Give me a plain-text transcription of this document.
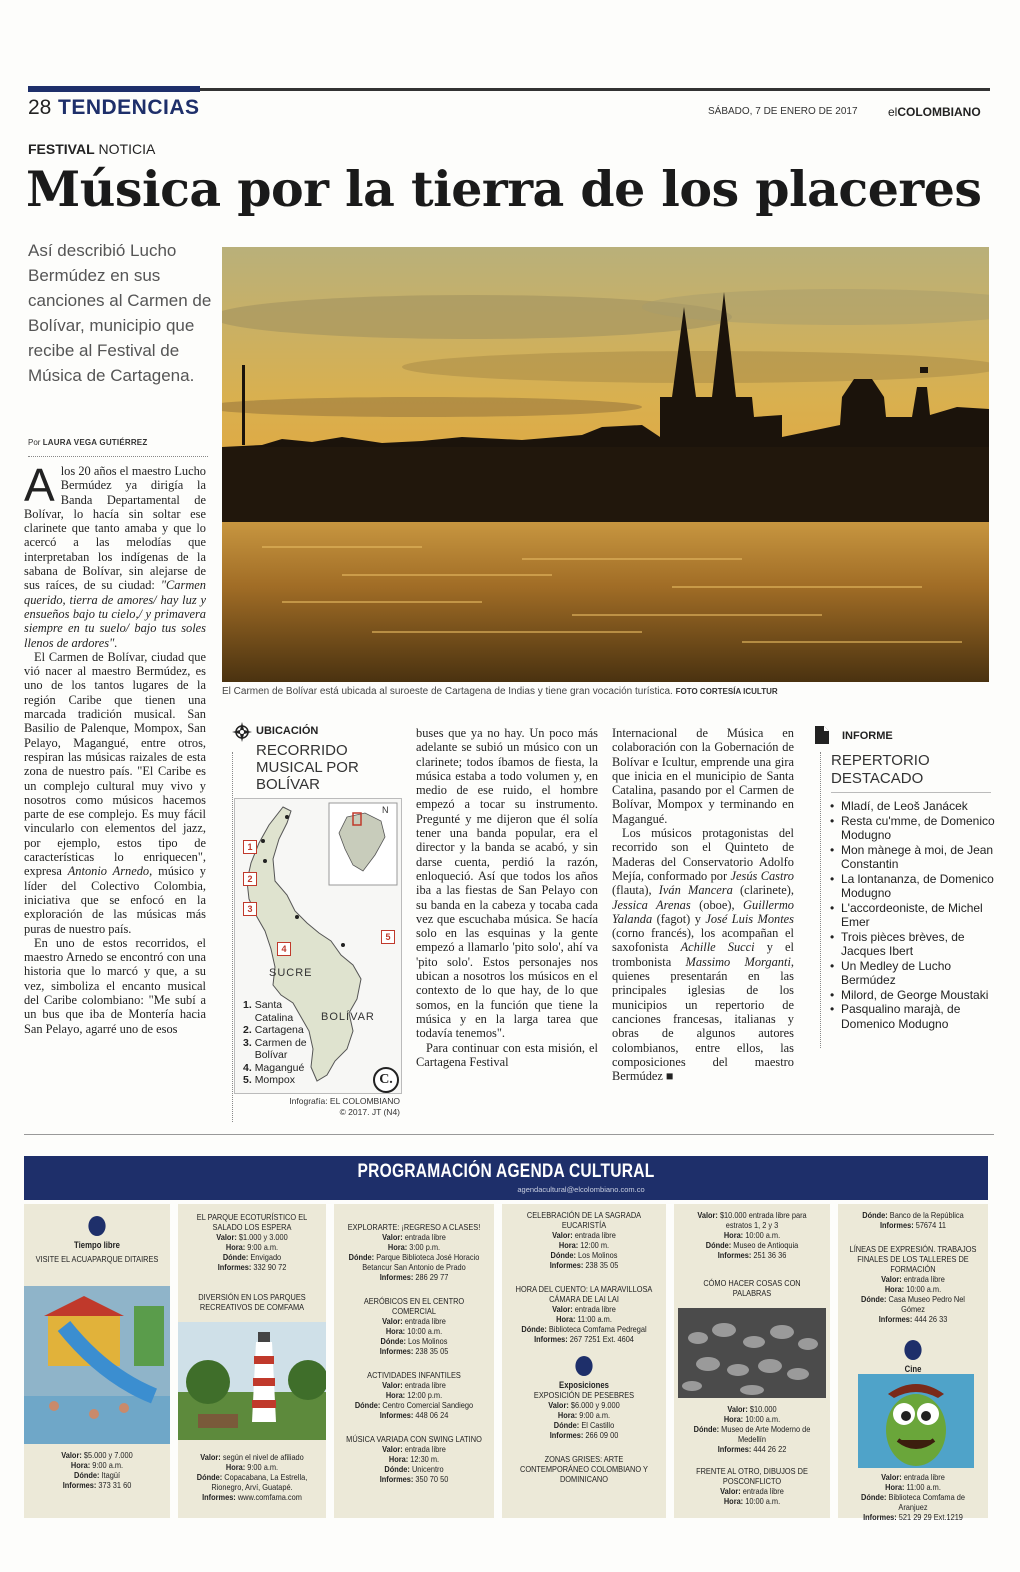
28 TENDENCIAS	SÁBADO, 7 DE ENERO DE 2017	elCOLOMBIANO
FESTIVAL NOTICIA
Música por la tierra de los placeres
Así describió Lucho Bermúdez en sus canciones al Carmen de Bolívar, municipio que recibe al Festival de Música de Cartagena.
Por LAURA VEGA GUTIÉRREZ
El Carmen de Bolívar está ubicada al suroeste de Cartagena de Indias y tiene gran vocación turística. FOTO CORTESÍA ICULTUR

Alos 20 años el maestro Lucho Bermúdez ya dirigía la Banda Departamental de Bolívar, lo hacía sin soltar ese clarinete que tanto amaba y que lo acercó a las melodías que interpretaban los indígenas de la sabana de Bolívar, sin alejarse de sus raíces, de su ciudad: "Carmen querido, tierra de amores/ hay luz y ensueños bajo tu cielo,/ y primavera siempre en tu suelo/ bajo tus soles llenos de ardores".

El Carmen de Bolívar, ciudad que vió nacer al maestro Bermúdez, es uno de los tantos lugares de la región Caribe que tienen una marcada tradición musical. San Basilio de Palenque, Mompox, San Pelayo, Magangué, entre otros, respiran las músicas raizales de esta zona de nuestro país. "El Caribe es un complejo cultural muy vivo y nosotros como músicos hacemos parte de ese complejo. Es muy fácil vincularlo con elementos del jazz, por ejemplo, estos tipo de características lo enriquecen", expresa Antonio Arnedo, músico y líder del Colectivo Colombia, iniciativa que se enfocó en la exploración de las músicas más puras de nuestro país.

En uno de estos recorridos, el maestro Arnedo se encontró con una historia que lo marcó y que, a su vez, simboliza el encanto musical del Caribe colombiano: "Me subí a un bus que iba de Montería hacia San Pelayo, agarré uno de esos

UBICACIÓN
RECORRIDO MUSICAL POR BOLÍVAR
N
1
2
3
4
5
SUCRE
BOLÍVAR
1. Santa Catalina
2. Cartagena
3. Carmen de Bolívar
4. Magangué
5. Mompox	C.
Infografía: EL COLOMBIANO
© 2017. JT (N4)

buses que ya no hay. Un poco más adelante se subió un músico con un clarinete; todos íbamos de fiesta, la música estaba a todo volumen y, en medio de ese ruido, el hombre empezó a tocar su instrumento. Pregunté y me dijeron que él solía tener una banda popular, era el director y la banda se acabó, y sin darse cuenta, perdió la razón, enloqueció. Así que todos los años iba a las fiestas de San Pelayo con su banda en la cabeza y tocaba cada vez que escuchaba música. Se hacía solo en las esquinas y la gente empezó a llamarlo 'pito solo', ahí va 'pito solo'. Estos personajes nos ubican a nosotros los músicos en el contexto de lo que hay, de lo que somos, en la función que tiene la música y en la larga tarea que todavía tenemos".

Para continuar con esta misión, el Cartagena Festival

Internacional de Música en colaboración con la Gobernación de Bolívar e Icultur, emprende una gira que inicia en el municipio de Santa Catalina, pasando por el Carmen de Bolívar, Mompox y terminando en Magangué.

Los músicos protagonistas del recorrido son el Quinteto de Maderas del Conservatorio Adolfo Mejía, conformado por Jesús Castro (flauta), Iván Mancera (clarinete), Jessica Arenas (oboe), Guillermo Yalanda (fagot) y José Luis Montes (corno francés), los acompañan el saxofonista Achille Succi y el trombonista Massimo Morganti, quienes presentarán en las principales iglesias de los municipios un repertorio de canciones francesas, italianas y obras de algunos autores colombianos, entre ellos, las composiciones del maestro Bermúdez ■

INFORME
REPERTORIO DESTACADO
• Mladí, de Leoš Janácek
• Resta cu'mme, de Domenico Modugno
• Mon mànege à moi, de Jean Constantin
• La lontananza, de Domenico Modugno
• L'accordeoniste, de Michel Emer
• Trois pièces brèves, de Jacques Ibert
• Un Medley de Lucho Bermúdez
• Milord, de George Moustaki
• Pasqualino marajà, de Domenico Modugno
PROGRAMACIÓN AGENDA CULTURAL
agendacultural@elcolombiano.com.co
Tiempo libre
VISITE EL ACUAPARQUE DITAIRES
Valor: $5.000 y 7.000
Hora: 9:00 a.m.
Dónde: Itagüí
Informes: 373 31 60
EL PARQUE ECOTURÍSTICO EL SALADO LOS ESPERA
Valor: $1.000 y 3.000
Hora: 9:00 a.m.
Dónde: Envigado
Informes: 332 90 72
DIVERSIÓN EN LOS PARQUES RECREATIVOS DE COMFAMA
Valor: según el nivel de afiliado
Hora: 9:00 a.m.
Dónde: Copacabana, La Estrella, Rionegro, Arví, Guatapé.
Informes: www.comfama.com
EXPLORARTE: ¡REGRESO A CLASES!
Valor: entrada libre
Hora: 3:00 p.m.
Dónde: Parque Biblioteca José Horacio Betancur San Antonio de Prado
Informes: 286 29 77
AERÓBICOS EN EL CENTRO COMERCIAL
Valor: entrada libre
Hora: 10:00 a.m.
Dónde: Los Molinos
Informes: 238 35 05
ACTIVIDADES INFANTILES
Valor: entrada libre
Hora: 12:00 p.m.
Dónde: Centro Comercial Sandiego
Informes: 448 06 24
MÚSICA VARIADA CON SWING LATINO
Valor: entrada libre
Hora: 12:30 m.
Dónde: Unicentro
Informes: 350 70 50
CELEBRACIÓN DE LA SAGRADA EUCARISTÍA
Valor: entrada libre
Hora: 12:00 m.
Dónde: Los Molinos
Informes: 238 35 05
HORA DEL CUENTO: LA MARAVILLOSA CÁMARA DE LAI LAI
Valor: entrada libre
Hora: 11:00 a.m.
Dónde: Biblioteca Comfama Pedregal
Informes: 267 7251 Ext. 4604
Exposiciones
EXPOSICIÓN DE PESEBRES
Valor: $6.000 y 9.000
Hora: 9:00 a.m.
Dónde: El Castillo
Informes: 266 09 00
ZONAS GRISES: ARTE CONTEMPORÁNEO COLOMBIANO Y DOMINICANO
Valor: $10.000 entrada libre para estratos 1, 2 y 3
Hora: 10:00 a.m.
Dónde: Museo de Antioquia
Informes: 251 36 36
CÓMO HACER COSAS CON PALABRAS
Valor: $10.000
Hora: 10:00 a.m.
Dónde: Museo de Arte Moderno de Medellín
Informes: 444 26 22
FRENTE AL OTRO, DIBUJOS DE POSCONFLICTO
Valor: entrada libre
Hora: 10:00 a.m.
Dónde: Banco de la República
Informes: 57674 11
LÍNEAS DE EXPRESIÓN. TRABAJOS FINALES DE LOS TALLERES DE FORMACIÓN
Valor: entrada libre
Hora: 10:00 a.m.
Dónde: Casa Museo Pedro Nel Gómez
Informes: 444 26 33
Cine
Valor: entrada libre
Hora: 11:00 a.m.
Dónde: Biblioteca Comfama de Aranjuez
Informes: 521 29 29 Ext.1219
